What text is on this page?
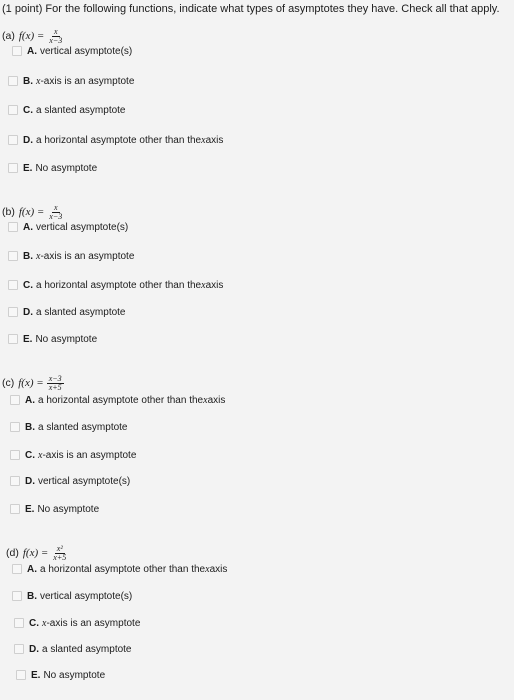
(1 point) For the following functions, indicate what types of asymptotes they have. Check all that apply.
(a) $f(x) = \frac{x}{x-3}$
A. vertical asymptote(s)
B. x -axis is an asymptote
C. a slanted asymptote
D. a horizontal asymptote other than the x axis
E. No asymptote
(b) $f(x) = \frac{x}{x-3}$
A. vertical asymptote(s)
B. x -axis is an asymptote
C. a horizontal asymptote other than the x axis
D. a slanted asymptote
E. No asymptote
(c) $f(x) = \frac{x-3}{x+5}$
A. a horizontal asymptote other than the x axis
B. a slanted asymptote
C. x -axis is an asymptote
D. vertical asymptote(s)
E. No asymptote
(d) $f(x) = \frac{\text{x²}}{x+5}$
A. a horizontal asymptote other than the x axis
B. vertical asymptote(s)
C. x -axis is an asymptote
D. a slanted asymptote
E. No asymptote
